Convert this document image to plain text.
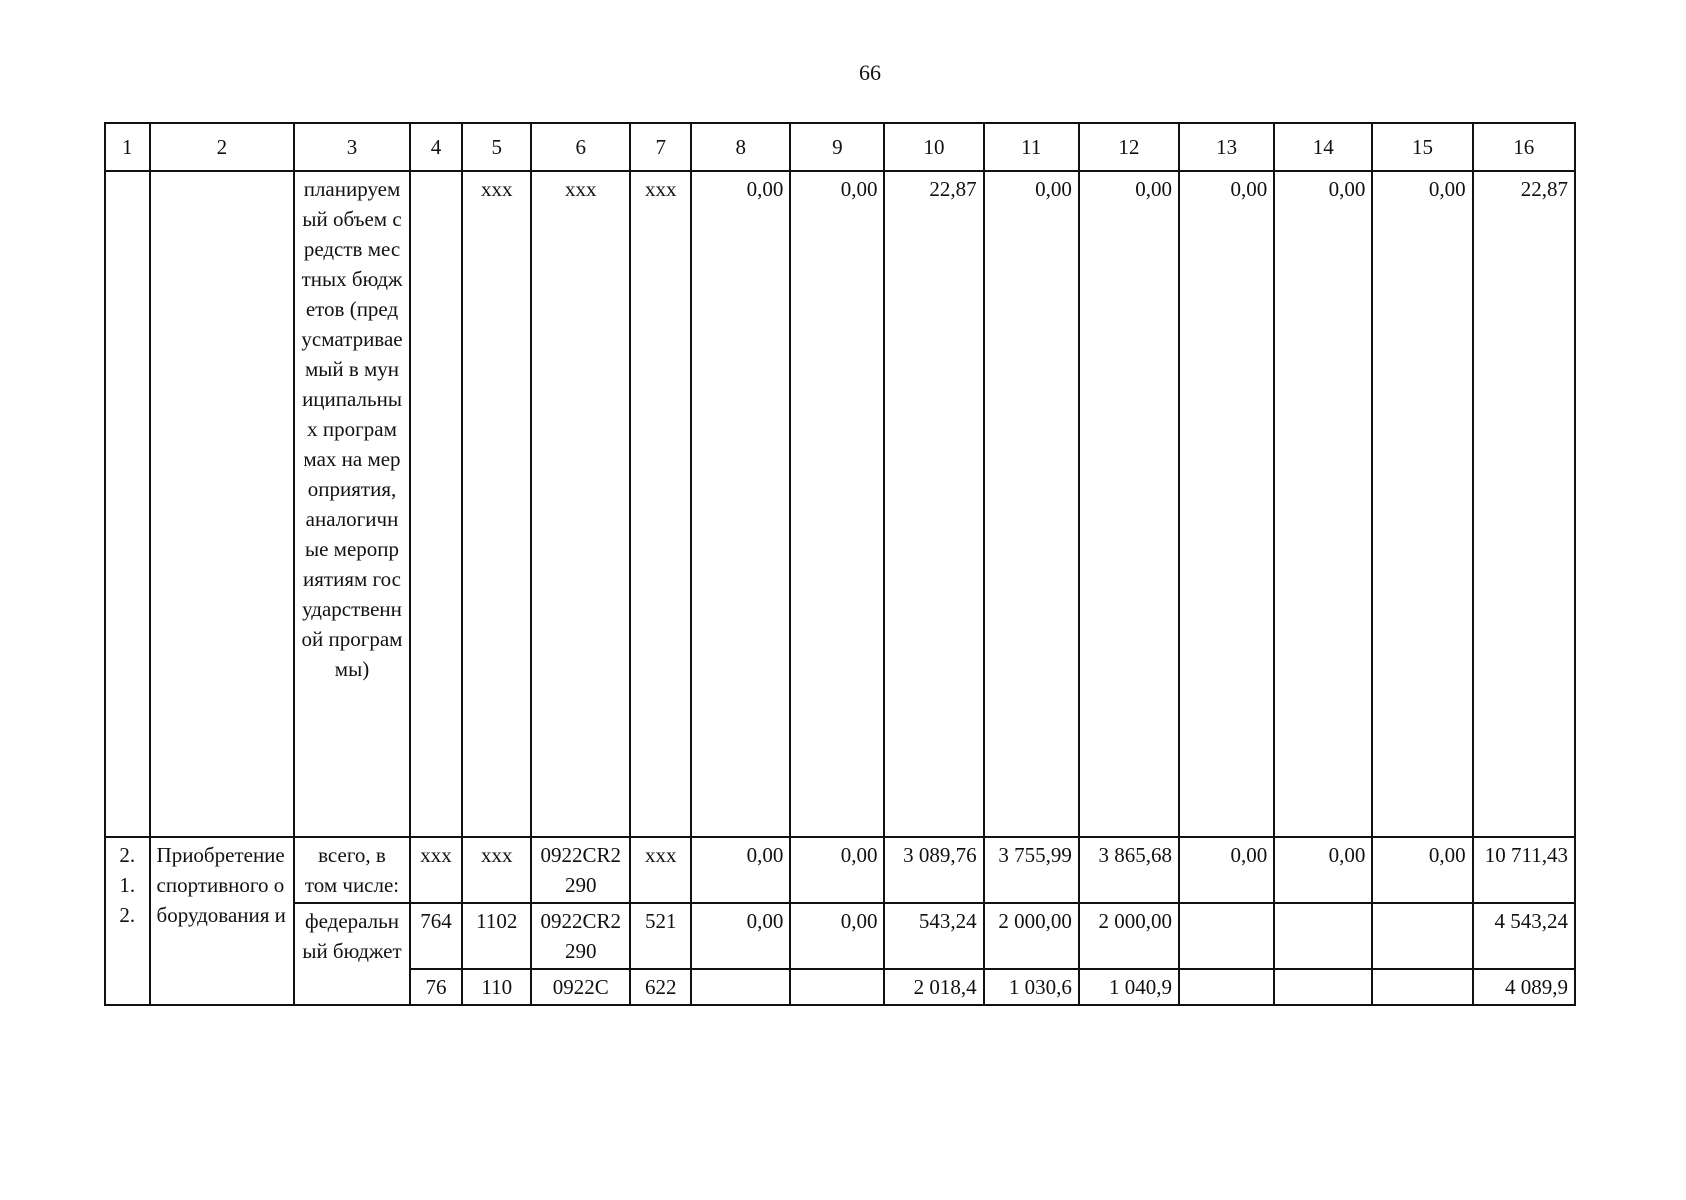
66
1	2	3	4	5	6	7	8	9	10	11	12	13	14	15	16
		планируемый объем средств местных бюджетов (предусматриваемый в муниципальных программах на мероприятия, аналогичные мероприятиям государственной программы)		ххх	ххх	ххх	0,00	0,00	22,87	0,00	0,00	0,00	0,00	0,00	22,87
2.1.2.	Приобретение спортивного оборудования и	всего, в том числе:	ххх	ххх	0922CR2290	ххх	0,00	0,00	3 089,76	3 755,99	3 865,68	0,00	0,00	0,00	10 711,43
		федеральный бюджет	764	1102	0922CR2290	521	0,00	0,00	543,24	2 000,00	2 000,00				4 543,24
			76	110	0922C	622			2 018,4	1 030,6	1 040,9				4 089,9
